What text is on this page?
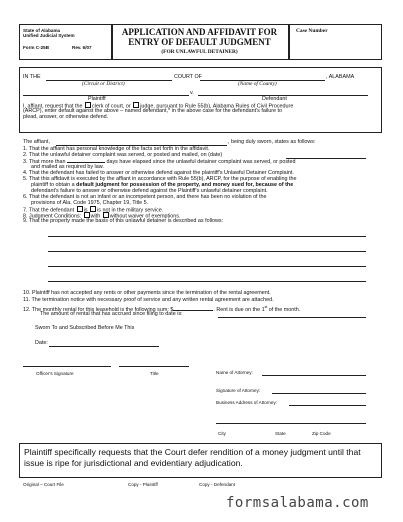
State of Alabama
Unified Judicial System
Form C-25B	Rev. 6/07
APPLICATION AND AFFIDAVIT FOR
ENTRY OF DEFAULT JUDGMENT
(FOR UNLAWFUL DETAINER)
Case Number
IN THE	COURT OF	, ALABAMA
(Circuit or District)	(Name of County)
v.
Plaintiff	Defendant
I, affiant, request that the clerk of court, or judge, pursuant to Rule 55(b), Alabama Rules of Civil Procedure
(ARCP), enter default against the above – named defendant,* in the above case for the defendant's failure to
plead, answer, or otherwise defend.
The affiant,	, being duly sworn, states as follows:
1. That the affiant has personal knowledge of the facts set forth in the affidavit.
2. That the unlawful detainer complaint was served, or posted and mailed, on (date)
3. That more than	days have elapsed since the unlawful detainer complaint was served, or posted
and mailed as required by law.
4. That the defendant has failed to answer or otherwise defend against the plaintiff's Unlawful Detainer Complaint.
5. That this affidavit is executed by the affiant in accordance with Rule 55(b), ARCP, for the purpose of enabling the
plaintiff to obtain a default judgment for possession of the property, and money sued for, because of the
defendant's failure to answer or otherwise defend against the Plaintiff's unlawful detainer complaint.
6. That the defendant is not an infant or an incompetent person, and there has been no violation of the
provisions of Ala. Code 1975, Chapter 19, Title 5.
7. That the defendant is is not in the military service.
8. Judgment Conditions: with without waiver of exemptions.
9. That the property made the basis of this unlawful detainer is described as follows:
10. Plaintiff has not accepted any rents or other payments since the termination of the rental agreement.
11. The termination notice with necessary proof of service and any written rental agreement are attached.
12. The monthly rental for this leasehold is the following sum: $	. Rent is due on the 1st of the month.
The amount of rental that has accrued since filing to date is:
Sworn To and Subscribed Before Me This
Date:
Officer's Signature	Title	Name of Attorney:
Signature of Attorney:
Business Address of Attorney:
City	State	Zip Code
Plaintiff specifically requests that the Court defer rendition of a money judgment until that issue is ripe for jurisdictional and evidentiary adjudication.
Original – Court File	Copy - Plaintiff	Copy - Defendant
formsalabama.com
